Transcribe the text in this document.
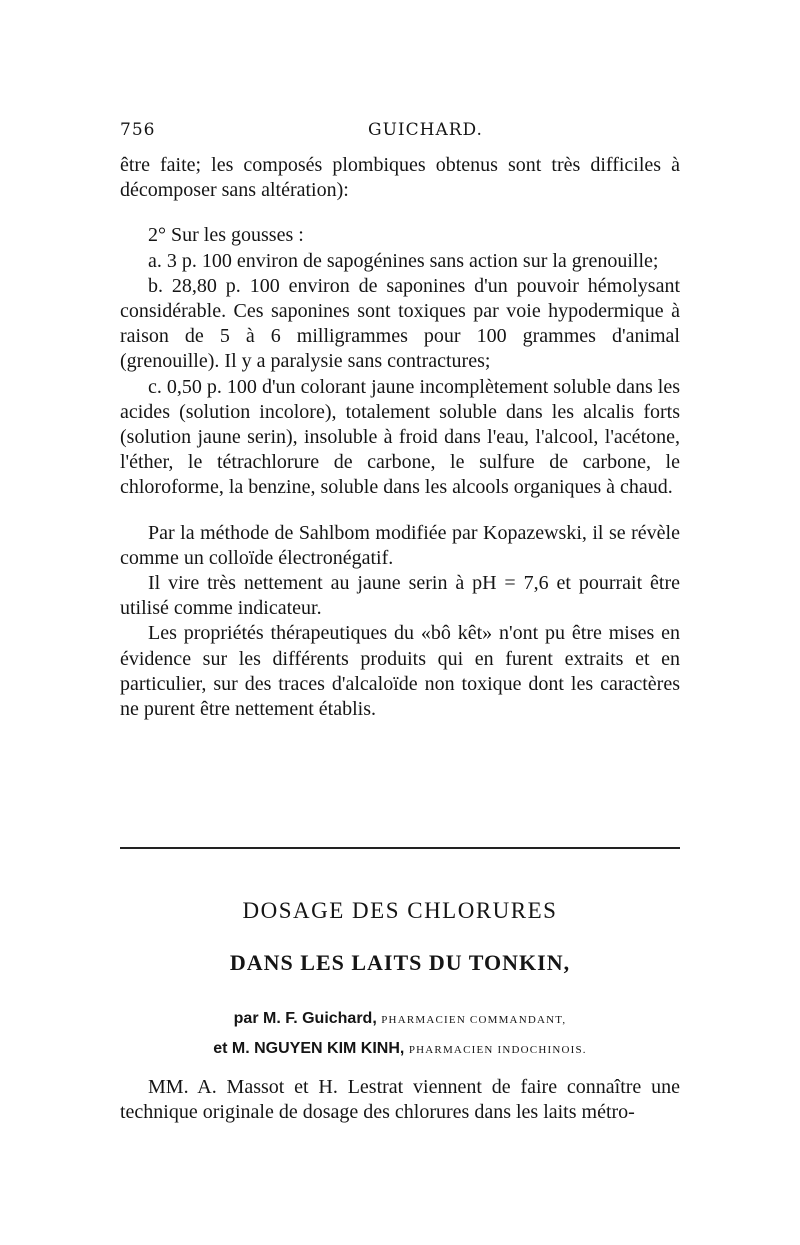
756	GUICHARD.

être faite; les composés plombiques obtenus sont très difficiles à décomposer sans altération):

2° Sur les gousses :

a. 3 p. 100 environ de sapogénines sans action sur la grenouille;

b. 28,80 p. 100 environ de saponines d'un pouvoir hémolysant considérable. Ces saponines sont toxiques par voie hypodermique à raison de 5 à 6 milligrammes pour 100 grammes d'animal (grenouille). Il y a paralysie sans contractures;

c. 0,50 p. 100 d'un colorant jaune incomplètement soluble dans les acides (solution incolore), totalement soluble dans les alcalis forts (solution jaune serin), insoluble à froid dans l'eau, l'alcool, l'acétone, l'éther, le tétrachlorure de carbone, le sulfure de carbone, le chloroforme, la benzine, soluble dans les alcools organiques à chaud.

Par la méthode de Sahlbom modifiée par Kopazewski, il se révèle comme un colloïde électronégatif.

Il vire très nettement au jaune serin à pH = 7,6 et pourrait être utilisé comme indicateur.

Les propriétés thérapeutiques du «bô kêt» n'ont pu être mises en évidence sur les différents produits qui en furent extraits et en particulier, sur des traces d'alcaloïde non toxique dont les caractères ne purent être nettement établis.

DOSAGE DES CHLORURES
DANS LES LAITS DU TONKIN,
par M. F. Guichard, PHARMACIEN COMMANDANT,
et M. NGUYEN KIM KINH, PHARMACIEN INDOCHINOIS.

MM. A. Massot et H. Lestrat viennent de faire connaître une technique originale de dosage des chlorures dans les laits métro-
